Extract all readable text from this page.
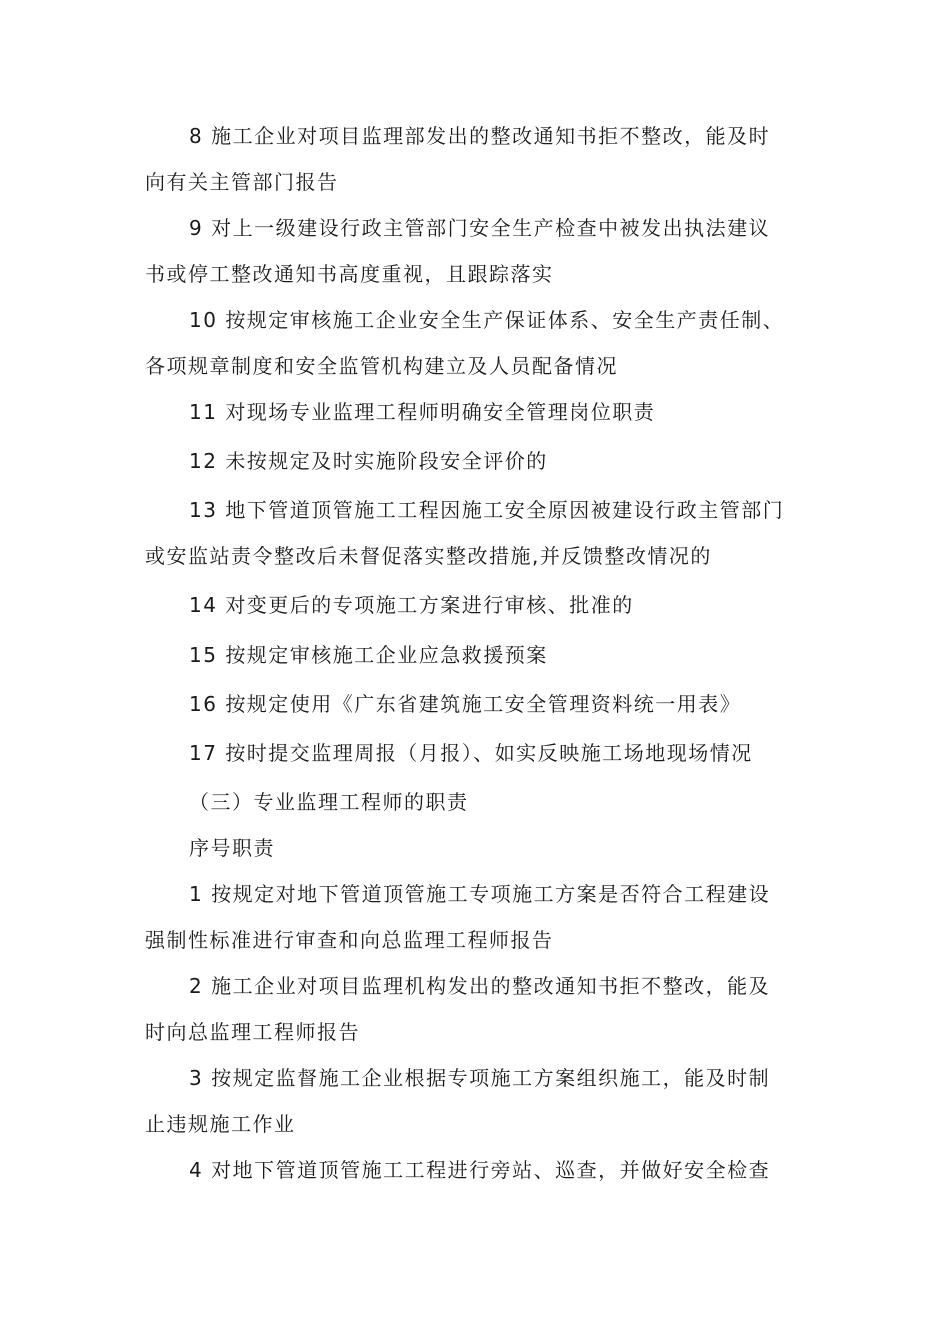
8 施工企业对项目监理部发出的整改通知书拒不整改，能及时
向有关主管部门报告
9 对上一级建设行政主管部门安全生产检查中被发出执法建议
书或停工整改通知书高度重视，且跟踪落实
10 按规定审核施工企业安全生产保证体系、安全生产责任制、
各项规章制度和安全监管机构建立及人员配备情况
11 对现场专业监理工程师明确安全管理岗位职责
12 未按规定及时实施阶段安全评价的
13 地下管道顶管施工工程因施工安全原因被建设行政主管部门
或安监站责令整改后未督促落实整改措施,并反馈整改情况的
14 对变更后的专项施工方案进行审核、批准的
15 按规定审核施工企业应急救援预案
16 按规定使用《广东省建筑施工安全管理资料统一用表》
17 按时提交监理周报（月报）、如实反映施工场地现场情况
（三）专业监理工程师的职责
序号职责
1 按规定对地下管道顶管施工专项施工方案是否符合工程建设
强制性标准进行审查和向总监理工程师报告
2 施工企业对项目监理机构发出的整改通知书拒不整改，能及
时向总监理工程师报告
3 按规定监督施工企业根据专项施工方案组织施工，能及时制
止违规施工作业
4 对地下管道顶管施工工程进行旁站、巡查，并做好安全检查
